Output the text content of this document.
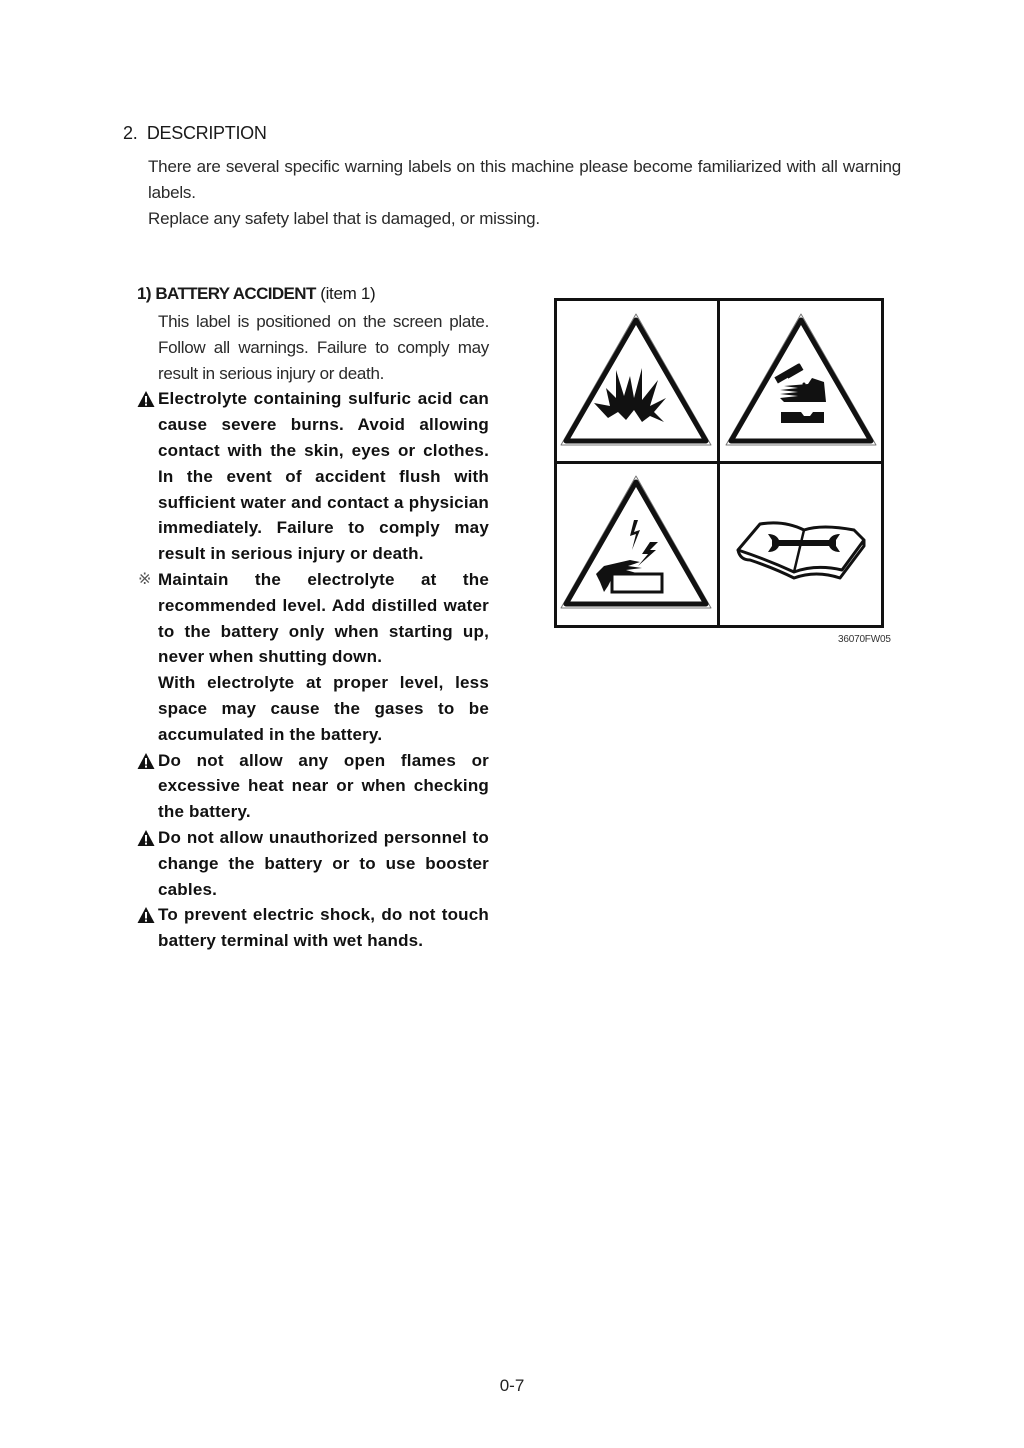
2. DESCRIPTION

There are several specific warning labels on this machine please become familiarized with all warning labels.

Replace any safety label that is damaged, or missing.

1) BATTERY ACCIDENT (item 1)
This label is positioned on the screen plate. Follow all warnings. Failure to comply may result in serious injury or death.
Electrolyte containing sulfuric acid can cause severe burns. Avoid allowing contact with the skin, eyes or clothes. In the event of accident flush with sufficient water and contact a physician immediately. Failure to comply may result in serious injury or death.
※ Maintain the electrolyte at the recommended level. Add distilled water to the battery only when starting up, never when shutting down.
With electrolyte at proper level, less space may cause the gases to be accumulated in the battery.
Do not allow any open flames or excessive heat near or when checking the battery.
Do not allow unauthorized personnel to change the battery or to use booster cables.
To prevent electric shock, do not touch battery terminal with wet hands.
36070FW05
0-7
